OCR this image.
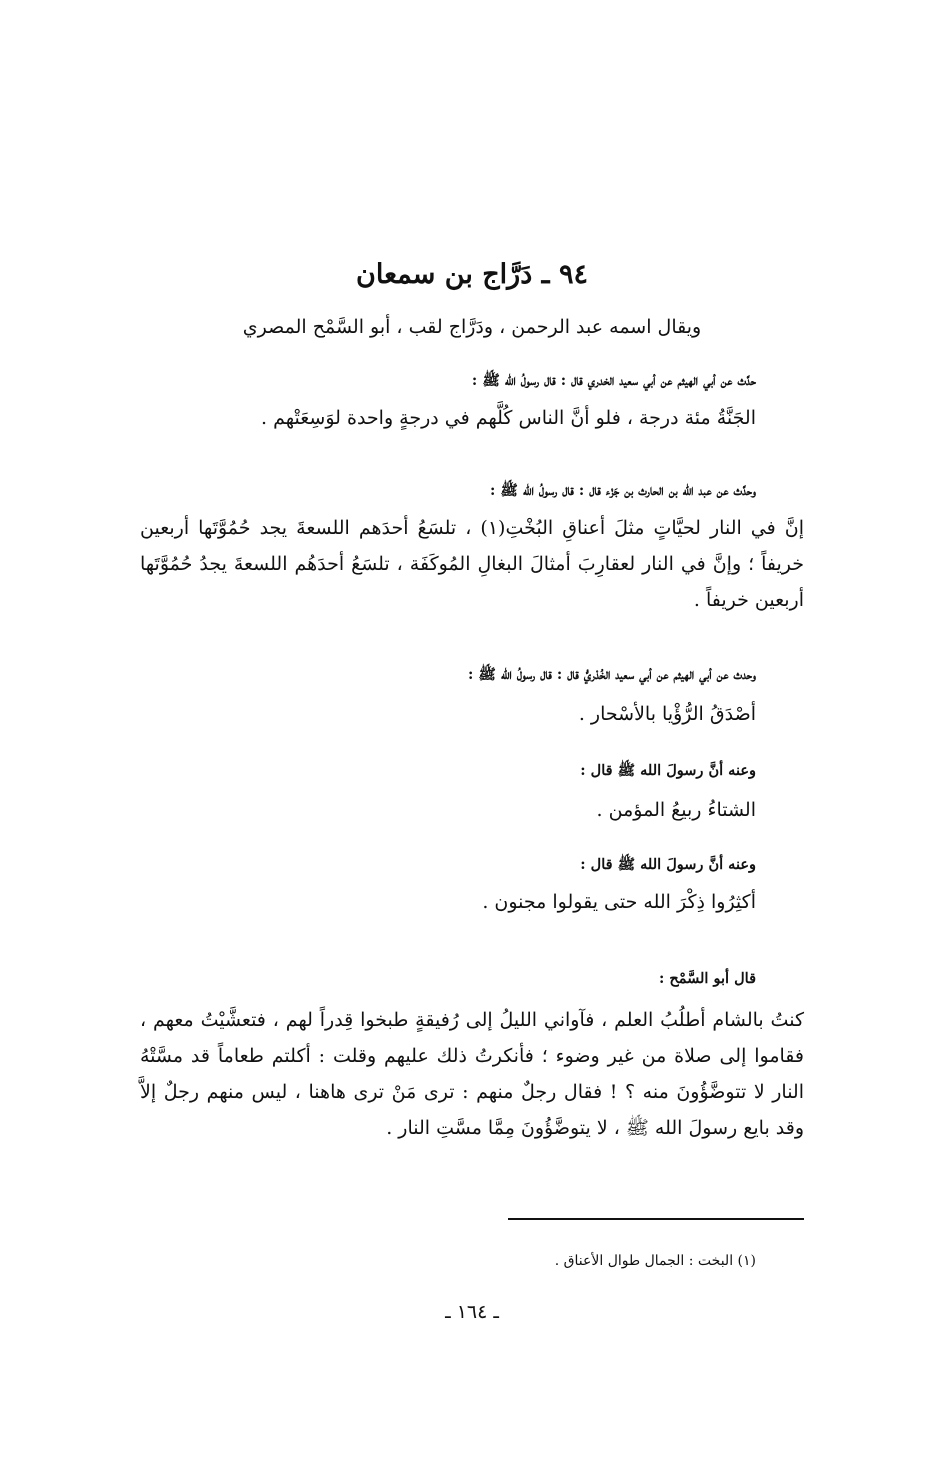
٩٤ ـ دَرَّاج بن سمعان

ويقال اسمه عبد الرحمن ، ودَرَّاج لقب ، أبو السَّمْح المصري

حدَّث عن أبي الهيثم عن أبي سعيد الخدري قال : قال رسولُ الله ﷺ :

الجَنَّةُ مئة درجة ، فلو أنَّ الناس كُلَّهم في درجةٍ واحدة لوَسِعَتْهم .

وحدَّث عن عبد الله بن الحارث بن جَزْء قال : قال رسولُ الله ﷺ :

إنَّ في النار لحيَّاتٍ مثلَ أعناقِ البُخْتِ(١) ، تلسَعُ أحدَهم اللسعةَ يجد حُمُوَّتَها أربعين خريفاً ؛ وإنَّ في النار لعقارِبَ أمثالَ البغالِ المُوكَفَة ، تلسَعُ أحدَهُم اللسعةَ يجدُ حُمُوَّتَها أربعين خريفاً .

وحدث عن أبي الهيثم عن أبي سعيد الخُدْريُّ قال : قال رسولُ الله ﷺ :

أصْدَقُ الرُّؤْيا بالأسْحار .

وعنه أنَّ رسولَ الله ﷺ قال :

الشتاءُ ربيعُ المؤمن .

وعنه أنَّ رسولَ الله ﷺ قال :

أكثِرُوا ذِكْرَ الله حتى يقولوا مجنون .

قال أبو السَّمْح :

كنتُ بالشام أطلُبُ العلم ، فآواني الليلُ إلى رُفيقةٍ طبخوا قِدراً لهم ، فتعشَّيْتُ معهم ، فقاموا إلى صلاة من غير وضوء ؛ فأنكرتُ ذلك عليهم وقلت : أكلتم طعاماً قد مسَّتْهُ النار لا تتوضَّؤُونَ منه ؟ ! فقال رجلٌ منهم : ترى مَنْ ترى هاهنا ، ليس منهم رجلٌ إلاَّ وقد بايع رسولَ الله ﷺ ، لا يتوضَّؤُونَ مِمَّا مسَّتِ النار .

(١) البخت : الجمال طوال الأعناق .

ـ ١٦٤ ـ
